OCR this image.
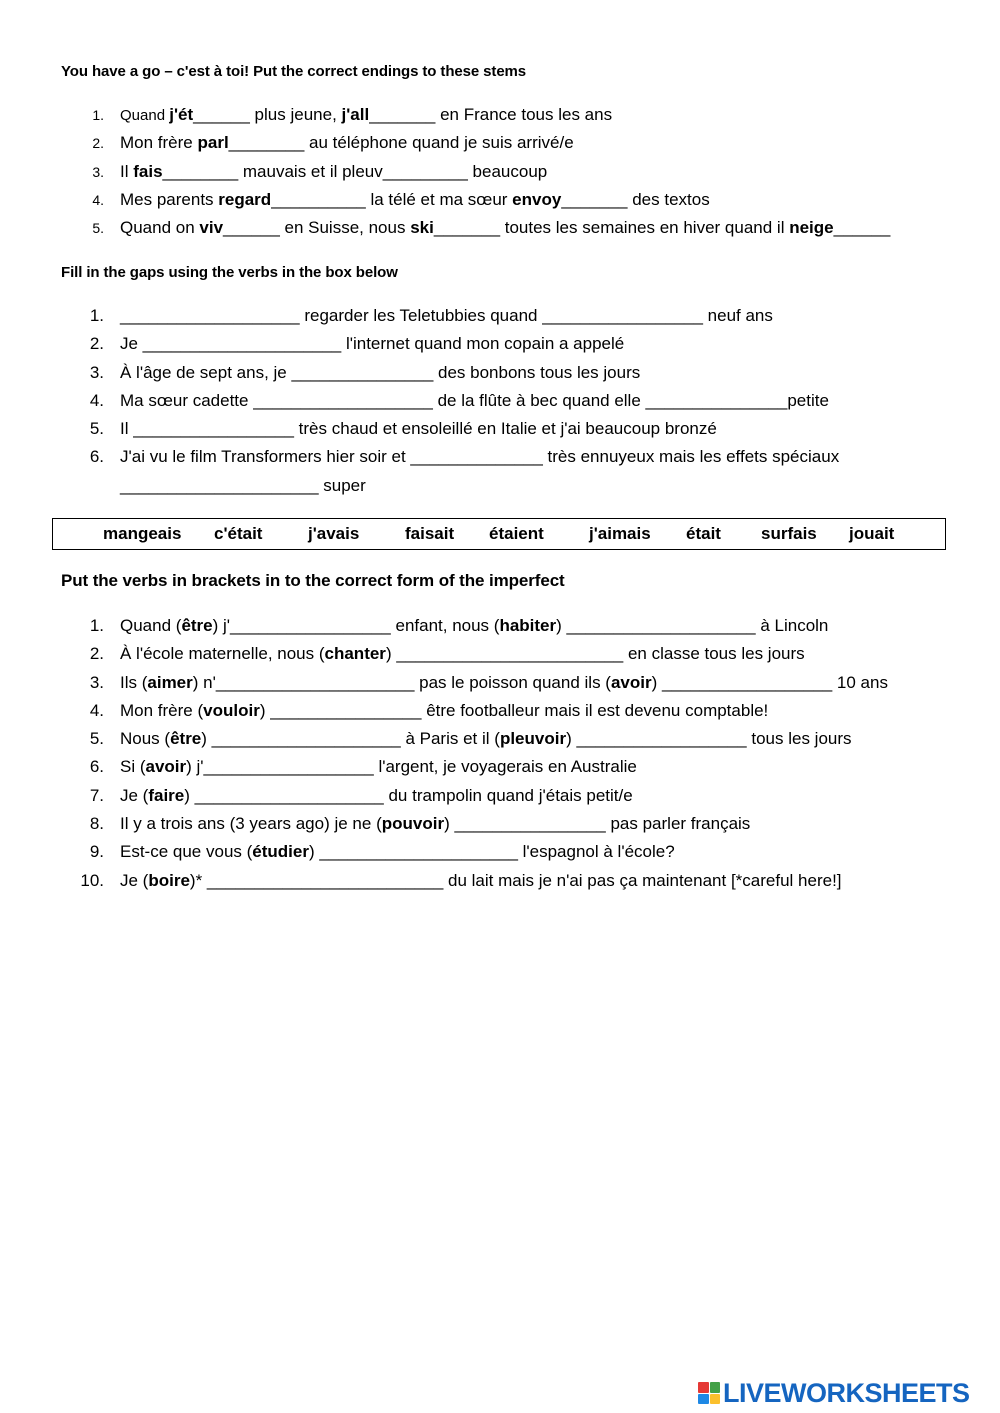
You have a go – c'est à toi! Put the correct endings to these stems
1.	Quand j'ét______ plus jeune, j'all_______ en France tous les ans
2. Mon frère parl________ au téléphone quand je suis arrivé/e
3. Il fais________ mauvais et il pleuv_________ beaucoup
4. Mes parents regard__________ la télé et ma sœur envoy_______ des textos
5. Quand on viv______ en Suisse, nous ski_______ toutes les semaines en hiver quand il neige______
Fill in the gaps using the verbs in the box below
1. ___________________ regarder les Teletubbies quand _________________ neuf ans
2. Je _____________________ l'internet quand mon copain a appelé
3. À l'âge de sept ans, je _______________ des bonbons tous les jours
4. Ma sœur cadette ___________________ de la flûte à bec quand elle _______________petite
5. Il _________________ très chaud et ensoleillé en Italie et j'ai beaucoup bronzé
6. J'ai vu le film Transformers hier soir et ______________ très ennuyeux mais les effets spéciaux
_____________________ super
mangeais c'était	j'avais	faisait étaient	j'aimais était surfais jouait
Put the verbs in brackets in to the correct form of the imperfect
1. Quand (être) j'_________________ enfant, nous (habiter) ____________________ à Lincoln
2. À l'école maternelle, nous (chanter) ________________________ en classe tous les jours
3. Ils (aimer) n'_____________________ pas le poisson quand ils (avoir) __________________ 10 ans
4. Mon frère (vouloir) ________________ être footballeur mais il est devenu comptable!
5. Nous (être) ____________________ à Paris et il (pleuvoir) __________________ tous les jours
6. Si (avoir) j'__________________ l'argent, je voyagerais en Australie
7. Je (faire) ____________________ du trampolin quand j'étais petit/e
8. Il y a trois ans (3 years ago) je ne (pouvoir) ________________ pas parler français
9. Est-ce que vous (étudier) _____________________ l'espagnol à l'école?
10. Je (boire)* _________________________ du lait mais je n'ai pas ça maintenant [*careful here!]
LIVEWORKSHEETS
